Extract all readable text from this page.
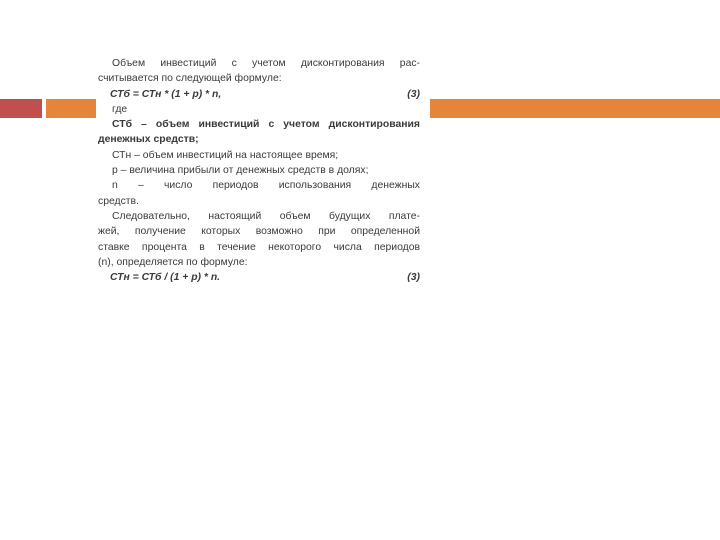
Объем инвестиций с учетом дисконтирования рас-
считывается по следующей формуле:
СТб = СТн * (1 + p) * n,	(3)
где
СТб – объем инвестиций с учетом дисконтирования
денежных средств;
СТн – объем инвестиций на настоящее время;
p – величина прибыли от денежных средств в долях;
n – число периодов использования денежных
средств.
Следовательно, настоящий объем будущих плате-
жей, получение которых возможно при определенной
ставке процента в течение некоторого числа периодов
(n), определяется по формуле:
СТн = СТб / (1 + p) * n.	(3)
